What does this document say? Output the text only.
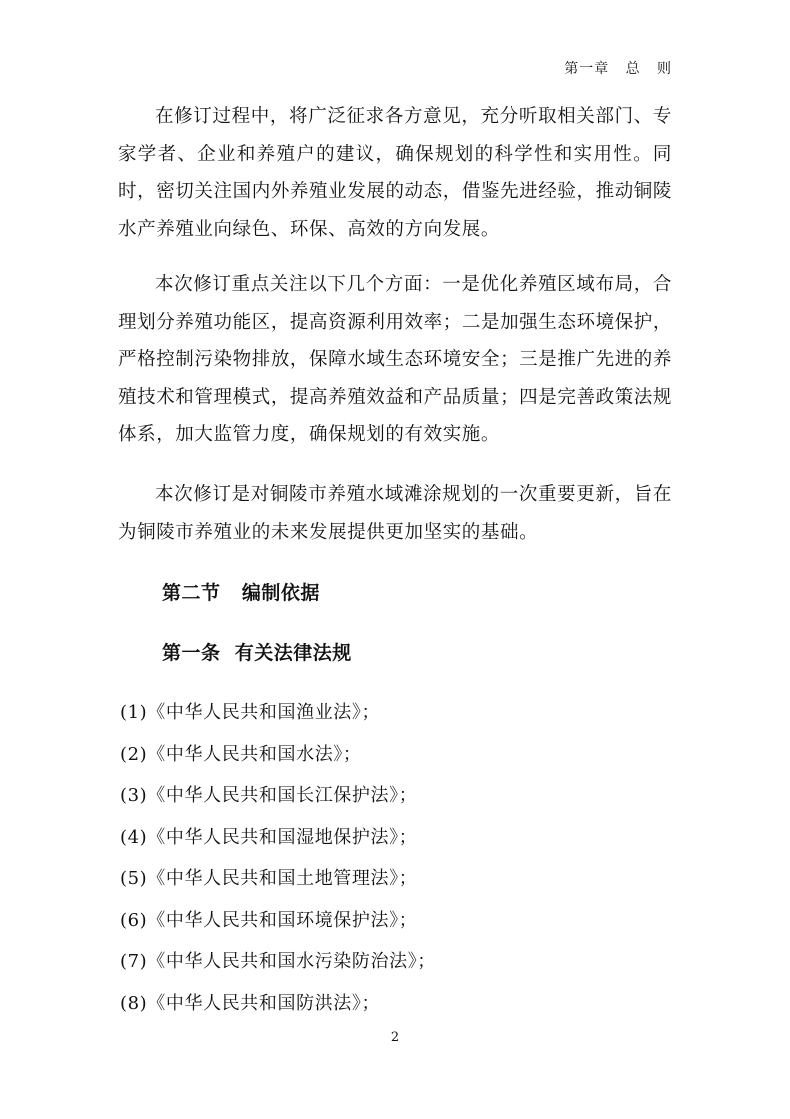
第一章   总   则

在修订过程中，将广泛征求各方意见，充分听取相关部门、专家学者、企业和养殖户的建议，确保规划的科学性和实用性。同时，密切关注国内外养殖业发展的动态，借鉴先进经验，推动铜陵水产养殖业向绿色、环保、高效的方向发展。

本次修订重点关注以下几个方面：一是优化养殖区域布局，合理划分养殖功能区，提高资源利用效率；二是加强生态环境保护，严格控制污染物排放，保障水域生态环境安全；三是推广先进的养殖技术和管理模式，提高养殖效益和产品质量；四是完善政策法规体系，加大监管力度，确保规划的有效实施。

本次修订是对铜陵市养殖水域滩涂规划的一次重要更新，旨在为铜陵市养殖业的未来发展提供更加坚实的基础。

第二节   编制依据
第一条  有关法律法规
(1)《中华人民共和国渔业法》；
(2)《中华人民共和国水法》；
(3)《中华人民共和国长江保护法》；
(4)《中华人民共和国湿地保护法》；
(5)《中华人民共和国土地管理法》；
(6)《中华人民共和国环境保护法》；
(7)《中华人民共和国水污染防治法》；
(8)《中华人民共和国防洪法》；
2
